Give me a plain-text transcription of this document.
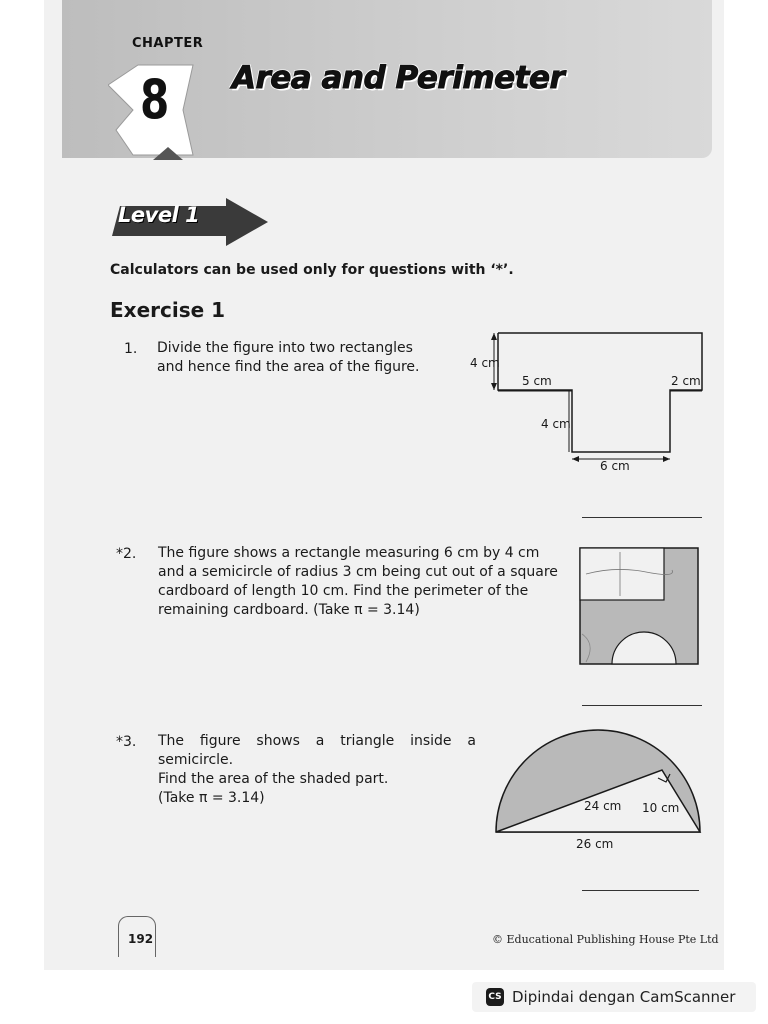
CHAPTER
8 Area and Perimeter
Level 1
Calculators can be used only for questions with ‘*’.
Exercise 1
1. Divide the figure into two rectangles
and hence find the area of the figure.	4 cm
5 cm	2 cm
4 cm
6 cm
*2. The figure shows a rectangle measuring 6 cm by 4 cm
and a semicircle of radius 3 cm being cut out of a square
cardboard of length 10 cm. Find the perimeter of the
remaining cardboard. (Take π = 3.14)
*3. The figure shows a triangle inside a semicircle.
Find the area of the shaded part.
(Take π = 3.14)	24 cm 10 cm
26 cm
192	© Educational Publishing House Pte Ltd
CS Dipindai dengan CamScanner
